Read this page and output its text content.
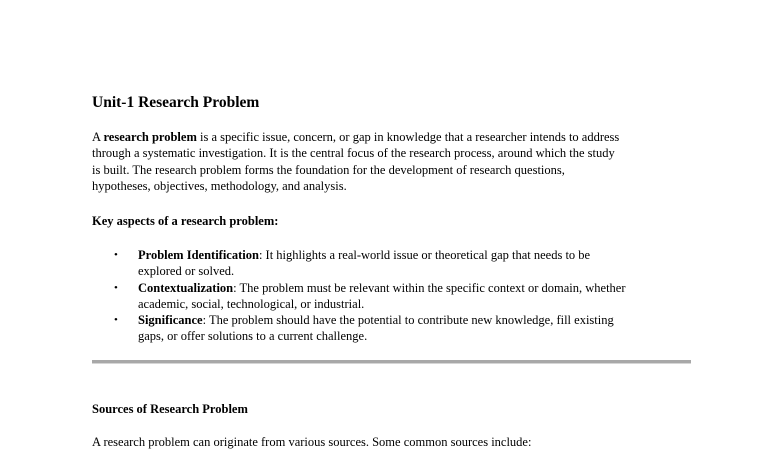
Unit-1 Research Problem

A research problem is a specific issue, concern, or gap in knowledge that a researcher intends to address
through a systematic investigation. It is the central focus of the research process, around which the study
is built. The research problem forms the foundation for the development of research questions,
hypotheses, objectives, methodology, and analysis.

Key aspects of a research problem:

• Problem Identification: It highlights a real-world issue or theoretical gap that needs to be
explored or solved.
• Contextualization: The problem must be relevant within the specific context or domain, whether
academic, social, technological, or industrial.
• Significance: The problem should have the potential to contribute new knowledge, fill existing
gaps, or offer solutions to a current challenge.

Sources of Research Problem

A research problem can originate from various sources. Some common sources include:
